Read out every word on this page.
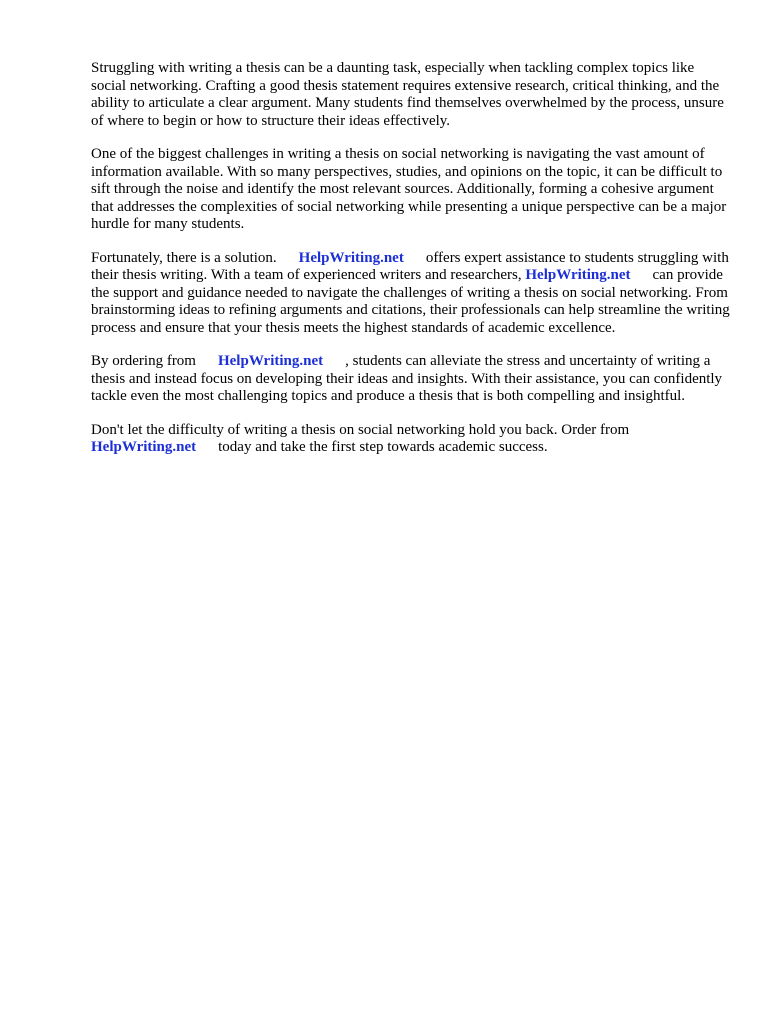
Struggling with writing a thesis can be a daunting task, especially when tackling complex topics like social networking. Crafting a good thesis statement requires extensive research, critical thinking, and the ability to articulate a clear argument. Many students find themselves overwhelmed by the process, unsure of where to begin or how to structure their ideas effectively.

One of the biggest challenges in writing a thesis on social networking is navigating the vast amount of information available. With so many perspectives, studies, and opinions on the topic, it can be difficult to sift through the noise and identify the most relevant sources. Additionally, forming a cohesive argument that addresses the complexities of social networking while presenting a unique perspective can be a major hurdle for many students.

Fortunately, there is a solution. HelpWriting.net offers expert assistance to students struggling with their thesis writing. With a team of experienced writers and researchers, HelpWriting.net can provide the support and guidance needed to navigate the challenges of writing a thesis on social networking. From brainstorming ideas to refining arguments and citations, their professionals can help streamline the writing process and ensure that your thesis meets the highest standards of academic excellence.

By ordering from HelpWriting.net , students can alleviate the stress and uncertainty of writing a thesis and instead focus on developing their ideas and insights. With their assistance, you can confidently tackle even the most challenging topics and produce a thesis that is both compelling and insightful.

Don't let the difficulty of writing a thesis on social networking hold you back. Order from HelpWriting.net today and take the first step towards academic success.
